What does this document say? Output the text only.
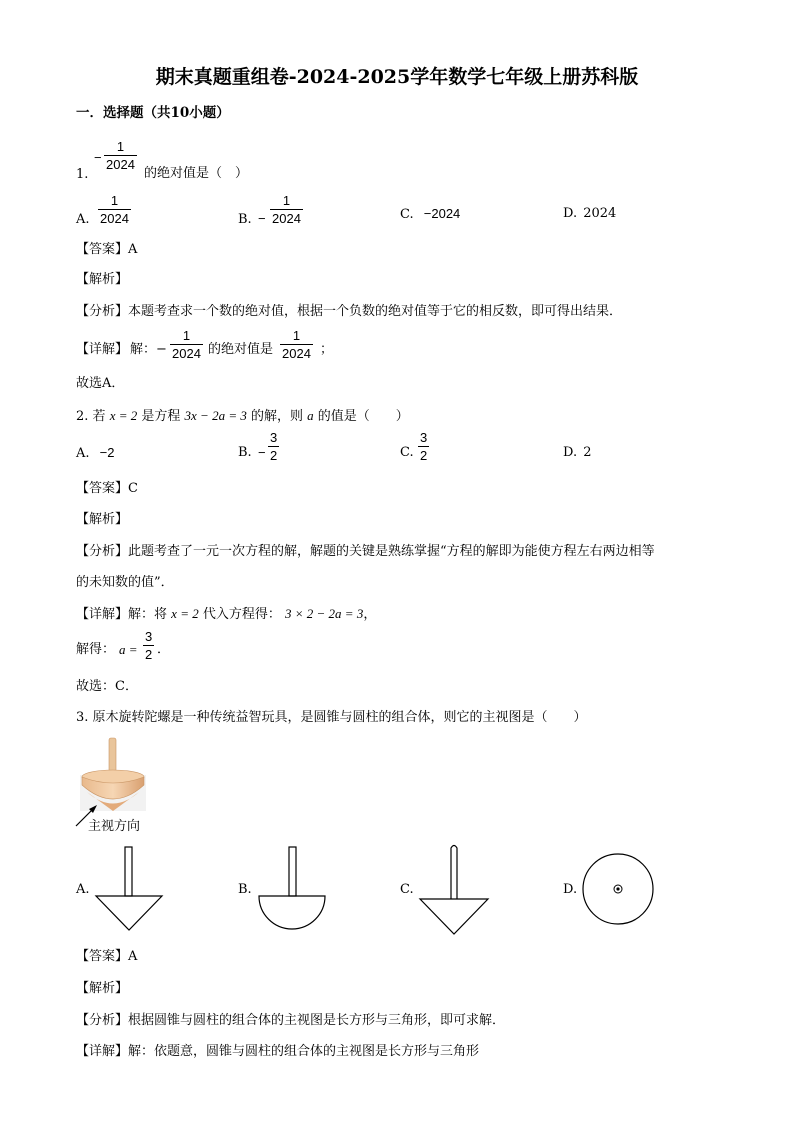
期末真题重组卷-2024-2025学年数学七年级上册苏科版
一．选择题（共10小题）
1.
− $\frac{1}{2024}$
的绝对值是（　）
A. $\frac{1}{2024}$	B. − $\frac{1}{2024}$	C. −2024	D. 2024
【答案】A
【解析】
【分析】本题考查求一个数的绝对值，根据一个负数的绝对值等于它的相反数，即可得出结果．
【详解】 解：− $\frac{1}{2024}$ 的绝对值是 $\frac{1}{2024}$ ；
故选A．
2. 若 x = 2 是方程 3x − 2a = 3 的解，则 a 的值是（　　）
A. −2	B. − $\frac{3}{2}$	C. $\frac{3}{2}$	D. 2
【答案】C
【解析】
【分析】此题考查了一元一次方程的解，解题的关键是熟练掌握“方程的解即为能使方程左右两边相等
的未知数的值”．
【详解】解：将 x = 2 代入方程得： 3 × 2 − 2a = 3，
解得： $a = \frac{3}{2}$ ．
故选：C．
3. 原木旋转陀螺是一种传统益智玩具，是圆锥与圆柱的组合体，则它的主视图是（　　）
主视方向
A.	B.	C.	D.
【答案】A
【解析】
【分析】根据圆锥与圆柱的组合体的主视图是长方形与三角形，即可求解．
【详解】解：依题意，圆锥与圆柱的组合体的主视图是长方形与三角形
